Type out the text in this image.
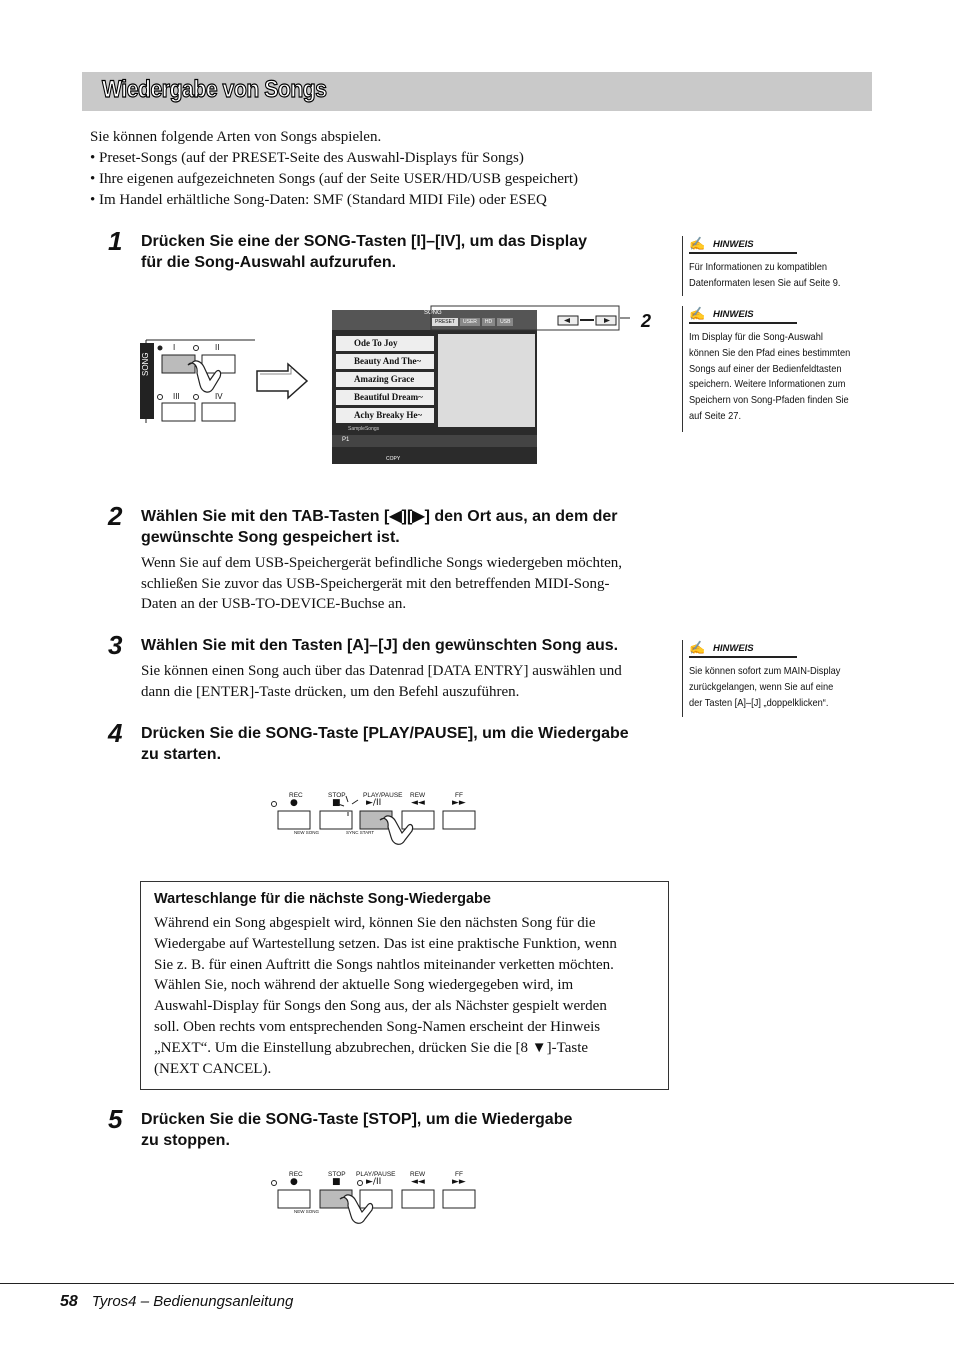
Wiedergabe von Songs

Sie können folgende Arten von Songs abspielen.

• Preset-Songs (auf der PRESET-Seite des Auswahl-Displays für Songs)

• Ihre eigenen aufgezeichneten Songs (auf der Seite USER/HD/USB gespeichert)

• Im Handel erhältliche Song-Daten: SMF (Standard MIDI File) oder ESEQ

1 Drücken Sie eine der SONG-Tasten [I]–[IV], um das Display
für die Song-Auswahl aufzurufen.
SONG
I	II
III	IV
SONG
PRESET	USER	HD	USB
Ode To Joy
Beauty And The~
Amazing Grace
Beautiful Dream~
Achy Breaky He~
SampleSongs
P1
COPY
2
2 Wählen Sie mit den TAB-Tasten [◀][▶] den Ort aus, an dem der
gewünschte Song gespeichert ist.
Wenn Sie auf dem USB-Speichergerät befindliche Songs wiedergeben möchten,
schließen Sie zuvor das USB-Speichergerät mit den betreffenden MIDI-Song-
Daten an der USB-TO-DEVICE-Buchse an.
3 Wählen Sie mit den Tasten [A]–[J] den gewünschten Song aus.
Sie können einen Song auch über das Datenrad [DATA ENTRY] auswählen und
dann die [ENTER]-Taste drücken, um den Befehl auszuführen.
4 Drücken Sie die SONG-Taste [PLAY/PAUSE], um die Wiedergabe
zu starten.
REC	STOP	PLAY/PAUSE REW	FF
●	■	►/II	◄◄	►►
NEW SONG	SYNC START
Warteschlange für die nächste Song-Wiedergabe
Während ein Song abgespielt wird, können Sie den nächsten Song für die
Wiedergabe auf Wartestellung setzen. Das ist eine praktische Funktion, wenn
Sie z. B. für einen Auftritt die Songs nahtlos miteinander verketten möchten.
Wählen Sie, noch während der aktuelle Song wiedergegeben wird, im
Auswahl-Display für Songs den Song aus, der als Nächster gespielt werden
soll. Oben rechts vom entsprechenden Song-Namen erscheint der Hinweis
„NEXT“. Um die Einstellung abzubrechen, drücken Sie die [8 ▼]-Taste
(NEXT CANCEL).
5 Drücken Sie die SONG-Taste [STOP], um die Wiedergabe
zu stoppen.
REC	STOP PLAY/PAUSE REW	FF
●	■	►/II	◄◄	►►
NEW SONG
✍ HINWEIS
Für Informationen zu kompatiblen
Datenformaten lesen Sie auf Seite 9.
✍ HINWEIS
Im Display für die Song-Auswahl
können Sie den Pfad eines bestimmten
Songs auf einer der Bedienfeldtasten
speichern. Weitere Informationen zum
Speichern von Song-Pfaden finden Sie
auf Seite 27.
✍ HINWEIS
Sie können sofort zum MAIN-Display
zurückgelangen, wenn Sie auf eine
der Tasten [A]–[J] „doppelklicken“.
58 Tyros4 – Bedienungsanleitung
